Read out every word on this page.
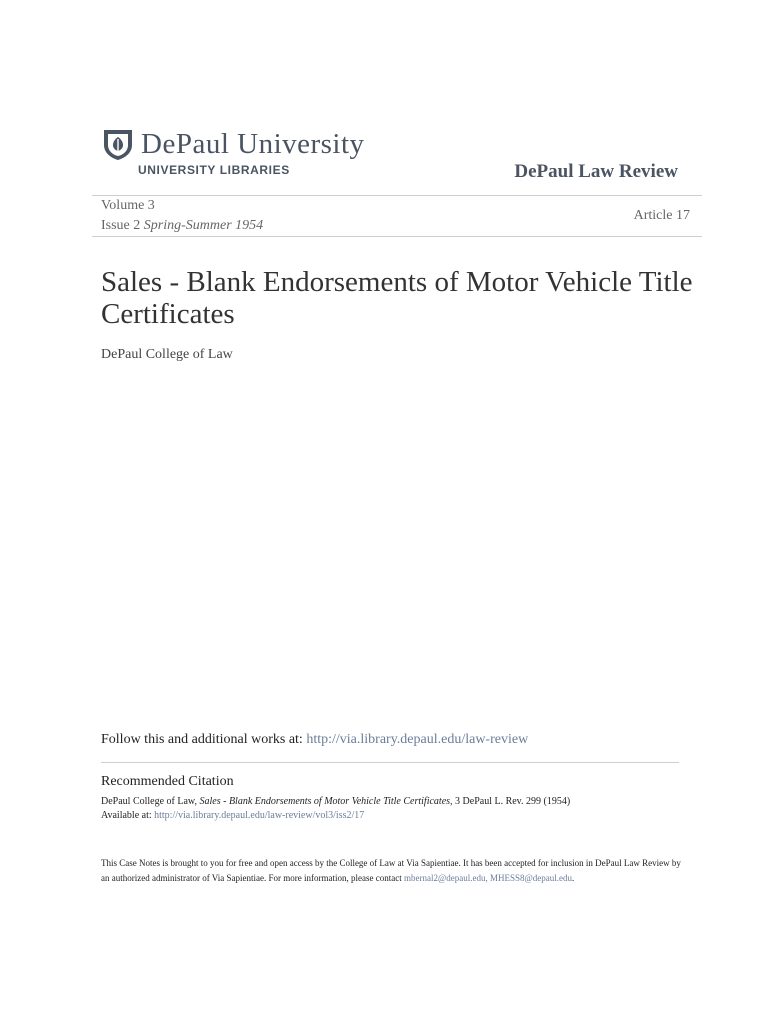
DePaul University
UNIVERSITY LIBRARIES	DePaul Law Review
Volume 3
Issue 2 Spring-Summer 1954
Article 17
Sales - Blank Endorsements of Motor Vehicle Title Certificates
DePaul College of Law
Follow this and additional works at: http://via.library.depaul.edu/law-review
Recommended Citation
DePaul College of Law, Sales - Blank Endorsements of Motor Vehicle Title Certificates, 3 DePaul L. Rev. 299 (1954)
Available at: http://via.library.depaul.edu/law-review/vol3/iss2/17
This Case Notes is brought to you for free and open access by the College of Law at Via Sapientiae. It has been accepted for inclusion in DePaul Law Review by an authorized administrator of Via Sapientiae. For more information, please contact mbernal2@depaul.edu, MHESS8@depaul.edu.
